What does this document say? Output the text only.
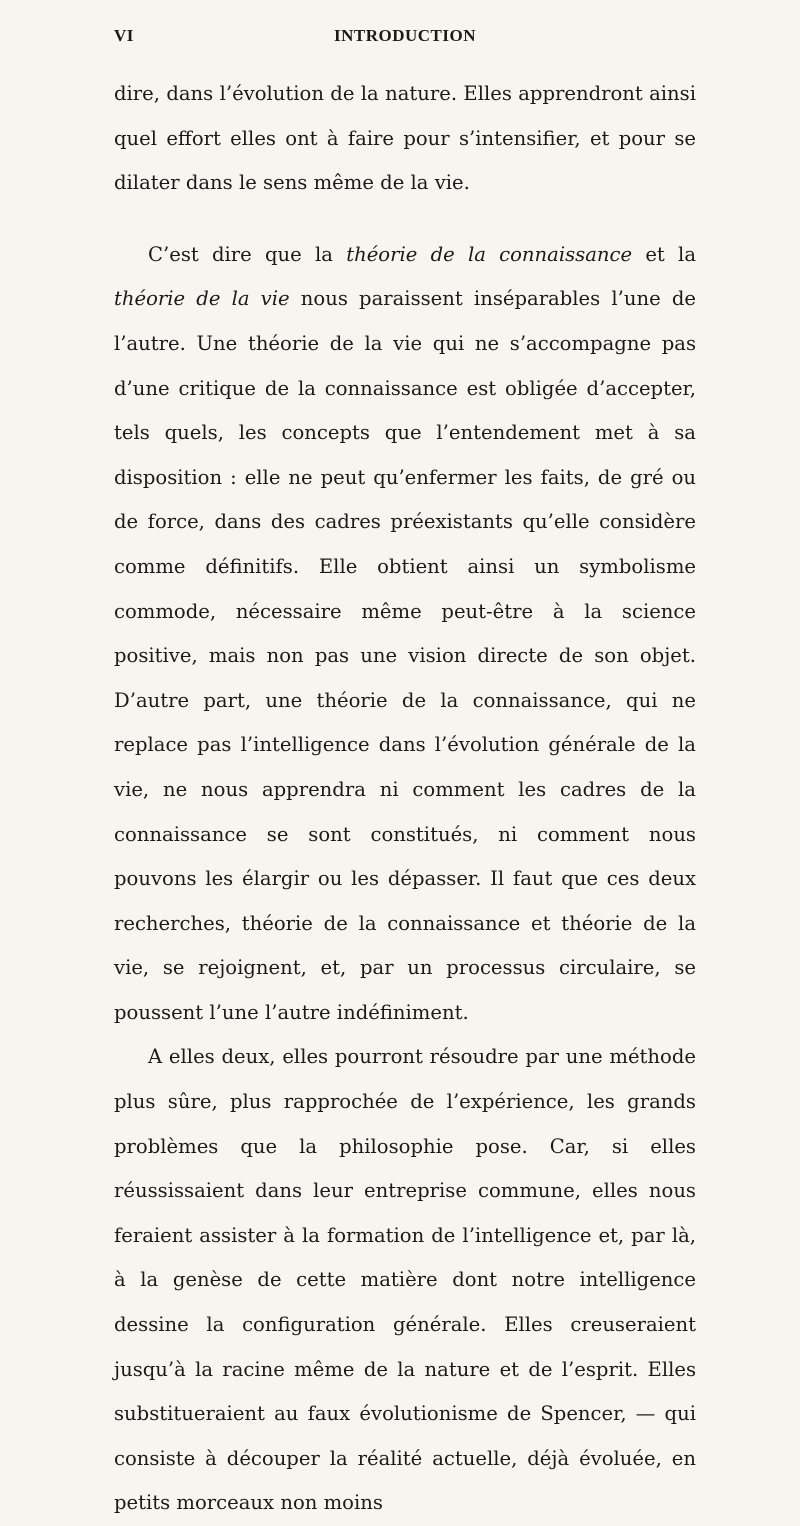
VI	INTRODUCTION

dire, dans l’évolution de la nature. Elles apprendront ainsi quel effort elles ont à faire pour s’intensifier, et pour se dilater dans le sens même de la vie.

C’est dire que la théorie de la connaissance et la théorie de la vie nous paraissent inséparables l’une de l’autre. Une théorie de la vie qui ne s’accompagne pas d’une critique de la connaissance est obligée d’accepter, tels quels, les concepts que l’entendement met à sa disposition : elle ne peut qu’enfermer les faits, de gré ou de force, dans des cadres préexistants qu’elle considère comme définitifs. Elle obtient ainsi un symbolisme commode, nécessaire même peut-être à la science positive, mais non pas une vision directe de son objet. D’autre part, une théorie de la connaissance, qui ne replace pas l’intelligence dans l’évolution générale de la vie, ne nous apprendra ni comment les cadres de la connaissance se sont constitués, ni comment nous pouvons les élargir ou les dépasser. Il faut que ces deux recherches, théorie de la connaissance et théorie de la vie, se rejoignent, et, par un processus circulaire, se poussent l’une l’autre indéfiniment.

A elles deux, elles pourront résoudre par une méthode plus sûre, plus rapprochée de l’expérience, les grands problèmes que la philosophie pose. Car, si elles réussissaient dans leur entreprise commune, elles nous feraient assister à la formation de l’intelligence et, par là, à la genèse de cette matière dont notre intelligence dessine la configuration générale. Elles creuseraient jusqu’à la racine même de la nature et de l’esprit. Elles substitueraient au faux évolutionisme de Spencer, — qui consiste à découper la réalité actuelle, déjà évoluée, en petits morceaux non moins
